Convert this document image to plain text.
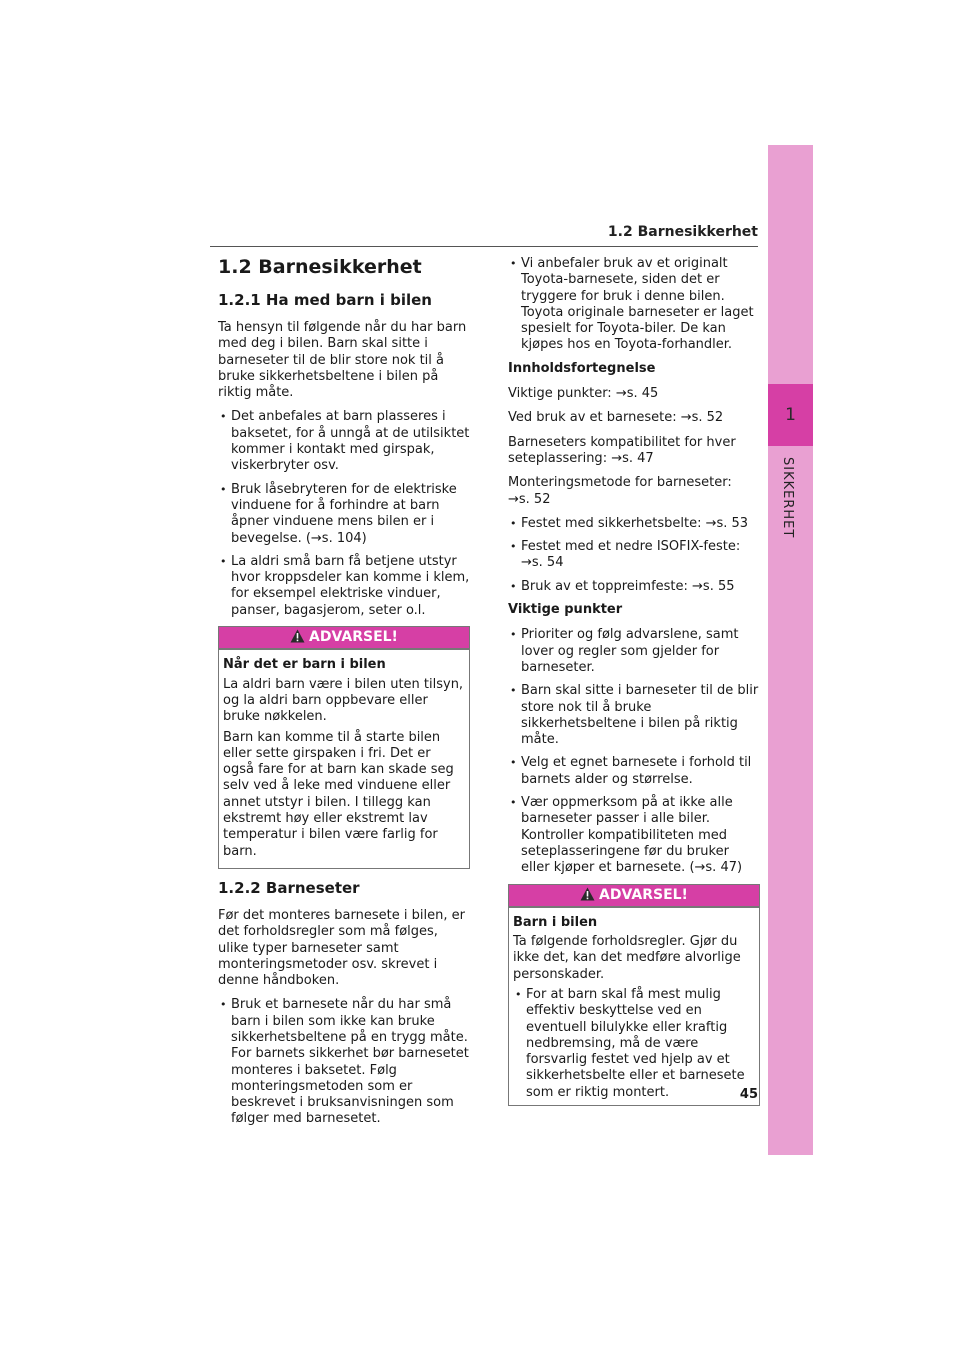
1.2 Barnesikkerhet
1
SIKKERHET
45
1.2 Barnesikkerhet
1.2.1 Ha med barn i bilen

Ta hensyn til følgende når du har barn med deg i bilen. Barn skal sitte i barneseter til de blir store nok til å bruke sikkerhetsbeltene i bilen på riktig måte.

• Det anbefales at barn plasseres i baksetet, for å unngå at de utilsiktet kommer i kontakt med girspak, viskerbryter osv.
• Bruk låsebryteren for de elektriske vinduene for å forhindre at barn åpner vinduene mens bilen er i bevegelse. (→s. 104)
• La aldri små barn få betjene utstyr hvor kroppsdeler kan komme i klem, for eksempel elektriske vinduer, panser, bagasjerom, seter o.l.
ADVARSEL!
Når det er barn i bilen

La aldri barn være i bilen uten tilsyn, og la aldri barn oppbevare eller bruke nøkkelen.

Barn kan komme til å starte bilen eller sette girspaken i fri. Det er også fare for at barn kan skade seg selv ved å leke med vinduene eller annet utstyr i bilen. I tillegg kan ekstremt høy eller ekstremt lav temperatur i bilen være farlig for barn.

1.2.2 Barneseter

Før det monteres barnesete i bilen, er det forholdsregler som må følges, ulike typer barneseter samt monteringsmetoder osv. skrevet i denne håndboken.

• Bruk et barnesete når du har små barn i bilen som ikke kan bruke sikkerhetsbeltene på en trygg måte. For barnets sikkerhet bør barnesetet monteres i baksetet. Følg monteringsmetoden som er beskrevet i bruksanvisningen som følger med barnesetet.
• Vi anbefaler bruk av et originalt Toyota-barnesete, siden det er tryggere for bruk i denne bilen. Toyota originale barneseter er laget spesielt for Toyota-biler. De kan kjøpes hos en Toyota-forhandler.
Innholdsfortegnelse

Viktige punkter: →s. 45

Ved bruk av et barnesete: →s. 52

Barneseters kompatibilitet for hver seteplassering: →s. 47

Monteringsmetode for barneseter:
→s. 52

• Festet med sikkerhetsbelte: →s. 53
• Festet med et nedre ISOFIX-feste: →s. 54
• Bruk av et toppreimfeste: →s. 55
Viktige punkter
• Prioriter og følg advarslene, samt lover og regler som gjelder for barneseter.
• Barn skal sitte i barneseter til de blir store nok til å bruke sikkerhetsbeltene i bilen på riktig måte.
• Velg et egnet barnesete i forhold til barnets alder og størrelse.
• Vær oppmerksom på at ikke alle barneseter passer i alle biler. Kontroller kompatibiliteten med seteplasseringene før du bruker eller kjøper et barnesete. (→s. 47)
ADVARSEL!
Barn i bilen

Ta følgende forholdsregler. Gjør du ikke det, kan det medføre alvorlige personskader.

• For at barn skal få mest mulig effektiv beskyttelse ved en eventuell bilulykke eller kraftig nedbremsing, må de være forsvarlig festet ved hjelp av et sikkerhetsbelte eller et barnesete som er riktig montert.
